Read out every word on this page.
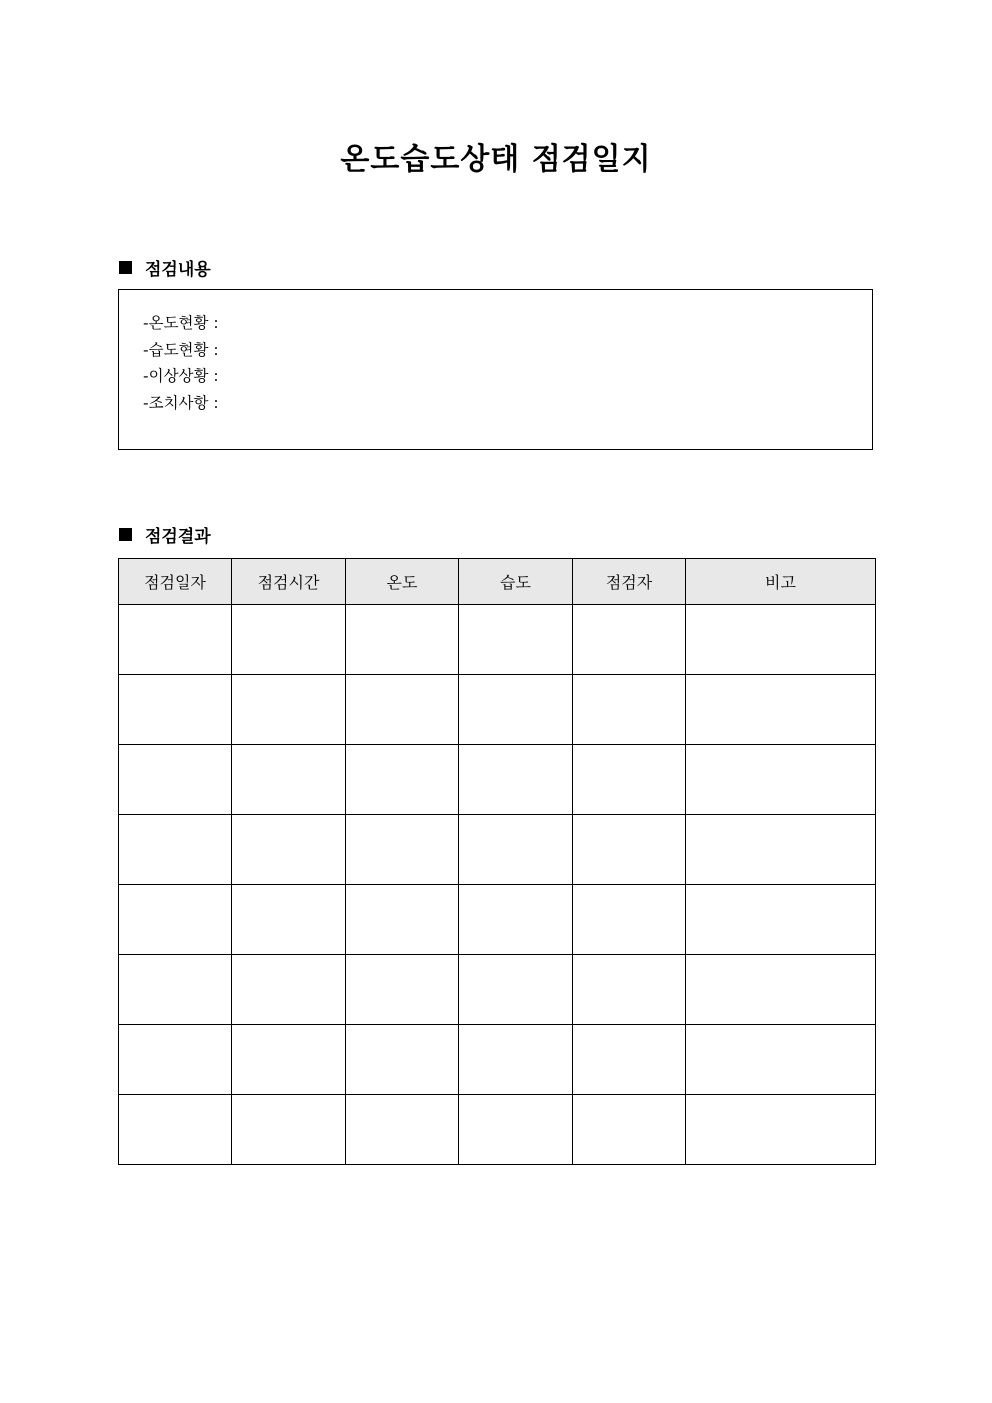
온도습도상태 점검일지
점검내용
-온도현황 :
-습도현황 :
-이상상황 :
-조치사항 :
점검결과
점검일자	점검시간	온도	습도	점검자	비고
